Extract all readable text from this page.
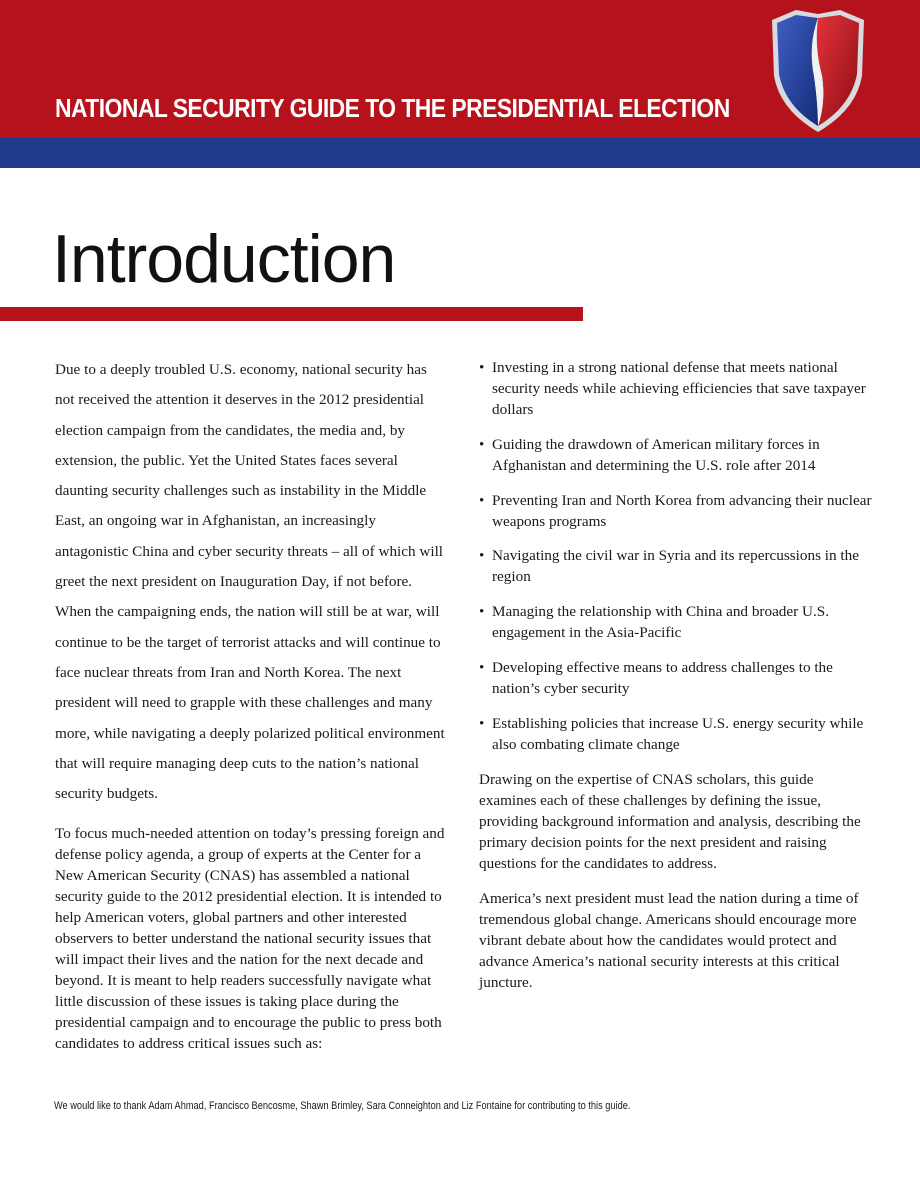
NATIONAL SECURITY GUIDE TO THE PRESIDENTIAL ELECTION
Introduction

Due to a deeply troubled U.S. economy, national security has not received the attention it deserves in the 2012 presidential election campaign from the candidates, the media and, by extension, the public. Yet the United States faces several daunting security challenges such as instability in the Middle East, an ongoing war in Afghanistan, an increasingly antagonistic China and cyber security threats – all of which will greet the next president on Inauguration Day, if not before. When the campaigning ends, the nation will still be at war, will continue to be the target of terrorist attacks and will continue to face nuclear threats from Iran and North Korea. The next president will need to grapple with these challenges and many more, while navigating a deeply polarized political environment that will require managing deep cuts to the nation’s national security budgets.

To focus much-needed attention on today’s pressing foreign and defense policy agenda, a group of experts at the Center for a New American Security (CNAS) has assembled a national security guide to the 2012 presidential election. It is intended to help American voters, global partners and other interested observers to better understand the national security issues that will impact their lives and the nation for the next decade and beyond. It is meant to help readers successfully navigate what little discussion of these issues is taking place during the presidential campaign and to encourage the public to press both candidates to address critical issues such as:

• Investing in a strong national defense that meets national security needs while achieving efficiencies that save taxpayer dollars
• Guiding the drawdown of American military forces in Afghanistan and determining the U.S. role after 2014
• Preventing Iran and North Korea from advancing their nuclear weapons programs
• Navigating the civil war in Syria and its repercussions in the region
• Managing the relationship with China and broader U.S. engagement in the Asia-Pacific
• Developing effective means to address challenges to the nation’s cyber security
• Establishing policies that increase U.S. energy security while also combating climate change

Drawing on the expertise of CNAS scholars, this guide examines each of these challenges by defining the issue, providing background information and analysis, describing the primary decision points for the next president and raising questions for the candidates to address.

America’s next president must lead the nation during a time of tremendous global change. Americans should encourage more vibrant debate about how the candidates would protect and advance America’s national security interests at this critical juncture.

We would like to thank Adam Ahmad, Francisco Bencosme, Shawn Brimley, Sara Conneighton and Liz Fontaine for contributing to this guide.
